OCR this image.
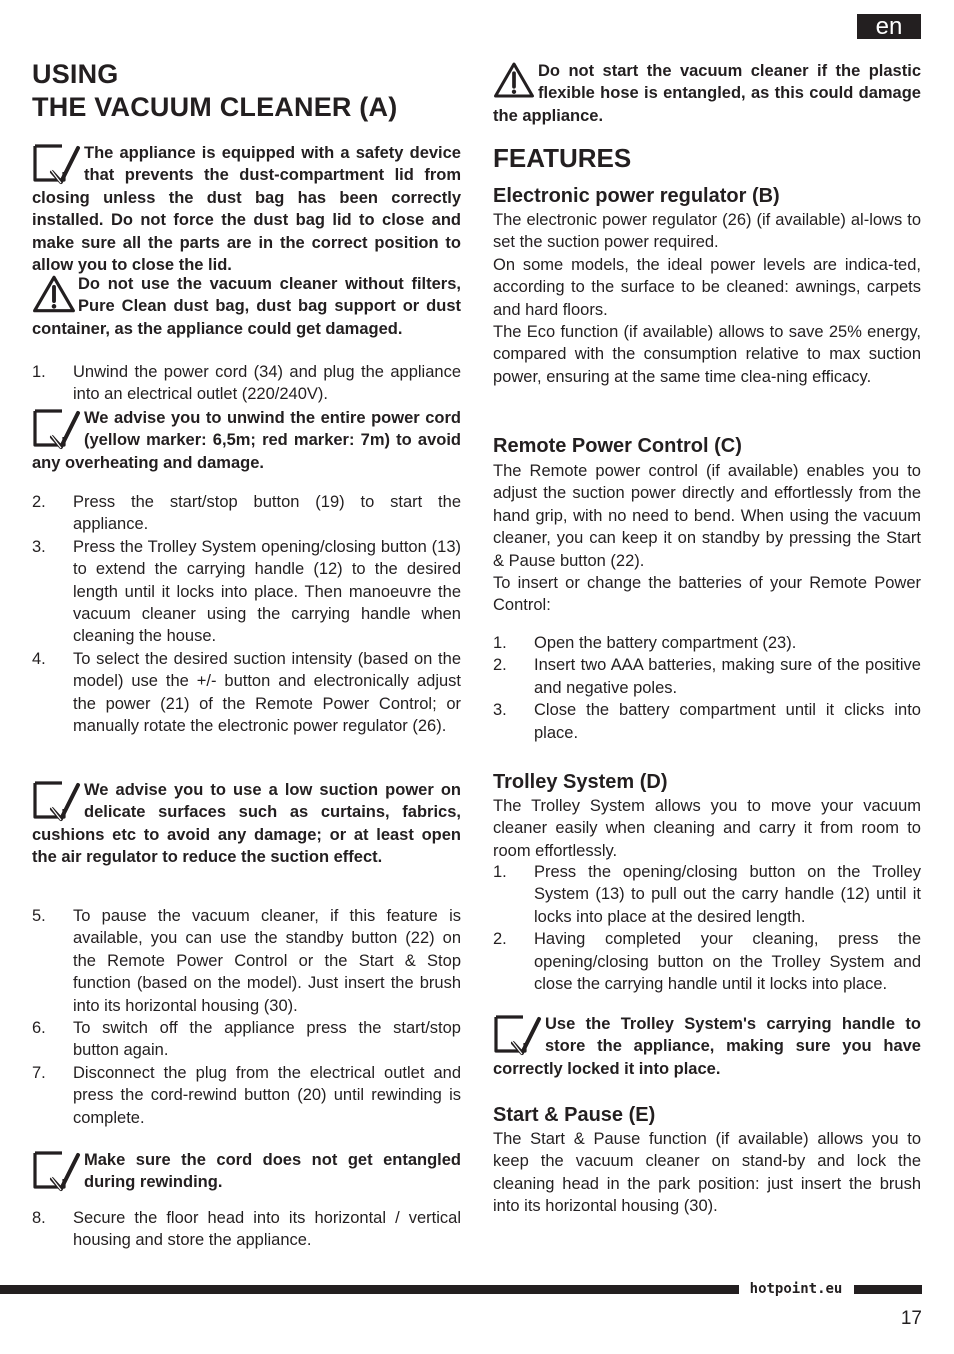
en
USING
THE VACUUM CLEANER (A)
The appliance is equipped with a safety device that prevents the dust-compartment lid from closing unless the dust bag has been correctly installed. Do not force the dust bag lid to close and make sure all the parts are in the correct position to allow you to close the lid.
Do not use the vacuum cleaner without filters, Pure Clean dust bag, dust bag support or dust container, as the appliance could get damaged.
1. Unwind the power cord (34) and plug the appliance into an electrical outlet (220/240V).
We advise you to unwind the entire power cord (yellow marker: 6,5m; red marker: 7m) to avoid any overheating and damage.
2. Press the start/stop button (19) to start the appliance.
3. Press the Trolley System opening/closing button (13) to extend the carrying handle (12) to the desired length until it locks into place. Then manoeuvre the vacuum cleaner using the carrying handle when cleaning the house.
4. To select the desired suction intensity (based on the model) use the +/- button and electronically adjust the power (21) of the Remote Power Control; or manually rotate the electronic power regulator (26).
We advise you to use a low suction power on delicate surfaces such as curtains, fabrics, cushions etc to avoid any damage; or at least open the air regulator to reduce the suction effect.
5. To pause the vacuum cleaner, if this feature is available, you can use the standby button (22) on the Remote Power Control or the Start & Stop function (based on the model). Just insert the brush into its horizontal housing (30).
6. To switch off the appliance press the start/stop button again.
7. Disconnect the plug from the electrical outlet and press the cord-rewind button (20) until rewinding is complete.
Make sure the cord does not get entangled during rewinding.
8. Secure the floor head into its horizontal / vertical housing and store the appliance.
Do not start the vacuum cleaner if the plastic flexible hose is entangled, as this could damage the appliance.
FEATURES
Electronic power regulator (B)

The electronic power regulator (26) (if available) al-lows to set the suction power required.

On some models, the ideal power levels are indica-ted, according to the surface to be cleaned: awnings, carpets and hard floors.

The Eco function (if available) allows to save 25% energy, compared with the consumption relative to max suction power, ensuring at the same time clea-ning efficacy.

Remote Power Control (C)

The Remote power control (if available) enables you to adjust the suction power directly and effortlessly from the hand grip, with no need to bend. When using the vacuum cleaner, you can keep it on standby by pressing the Start & Pause button (22).

To insert or change the batteries of your Remote Power Control:

1. Open the battery compartment (23).
2. Insert two AAA batteries, making sure of the positive and negative poles.
3. Close the battery compartment until it clicks into place.
Trolley System (D)

The Trolley System allows you to move your vacuum cleaner easily when cleaning and carry it from room to room effortlessly.

1. Press the opening/closing button on the Trolley System (13) to pull out the carry handle (12) until it locks into place at the desired length.
2. Having completed your cleaning, press the opening/closing button on the Trolley System and close the carrying handle until it locks into place.
Use the Trolley System's carrying handle to store the appliance, making sure you have correctly locked it into place.
Start & Pause (E)

The Start & Pause function (if available) allows you to keep the vacuum cleaner on stand-by and lock the cleaning head in the park position: just insert the brush into its horizontal housing (30).

hotpoint.eu
17
